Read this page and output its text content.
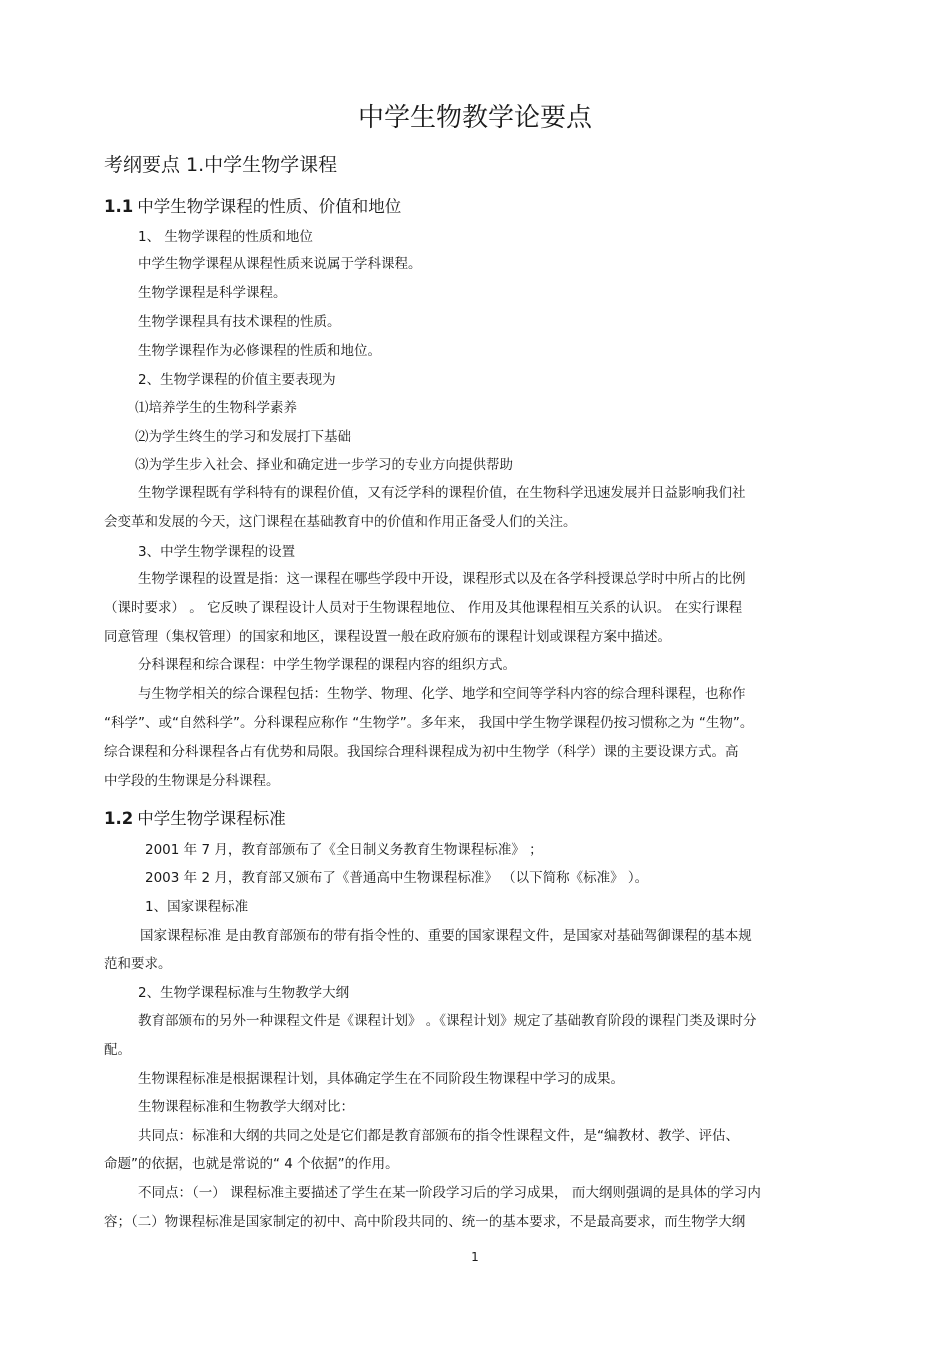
中学生物教学论要点
考纲要点 1.中学生物学课程
1.1 中学生物学课程的性质、价值和地位

1、 生物学课程的性质和地位

中学生物学课程从课程性质来说属于学科课程。

生物学课程是科学课程。

生物学课程具有技术课程的性质。

生物学课程作为必修课程的性质和地位。

2、生物学课程的价值主要表现为

⑴培养学生的生物科学素养

⑵为学生终生的学习和发展打下基础

⑶为学生步入社会、择业和确定进一步学习的专业方向提供帮助

生物学课程既有学科特有的课程价值，又有泛学科的课程价值，在生物科学迅速发展并日益影响我们社

会变革和发展的今天，这门课程在基础教育中的价值和作用正备受人们的关注。

3、中学生物学课程的设置

生物学课程的设置是指：这一课程在哪些学段中开设，课程形式以及在各学科授课总学时中所占的比例

（课时要求） 。 它反映了课程设计人员对于生物课程地位、 作用及其他课程相互关系的认识。 在实行课程

同意管理（集权管理）的国家和地区，课程设置一般在政府颁布的课程计划或课程方案中描述。

分科课程和综合课程：中学生物学课程的课程内容的组织方式。

与生物学相关的综合课程包括：生物学、物理、化学、地学和空间等学科内容的综合理科课程，也称作

“科学”、或“自然科学”。分科课程应称作 “生物学”。多年来， 我国中学生物学课程仍按习惯称之为 “生物”。

综合课程和分科课程各占有优势和局限。我国综合理科课程成为初中生物学（科学）课的主要设课方式。高

中学段的生物课是分科课程。

1.2 中学生物学课程标准

2001 年 7 月，教育部颁布了《全日制义务教育生物课程标准》 ；

2003 年 2 月，教育部又颁布了《普通高中生物课程标准》 （以下简称《标准》 ）。

1、国家课程标准

国家课程标准 是由教育部颁布的带有指令性的、重要的国家课程文件，是国家对基础驾御课程的基本规

范和要求。

2、生物学课程标准与生物教学大纲

教育部颁布的另外一种课程文件是《课程计划》 。《课程计划》规定了基础教育阶段的课程门类及课时分

配。

生物课程标准是根据课程计划，具体确定学生在不同阶段生物课程中学习的成果。

生物课程标准和生物教学大纲对比：

共同点：标准和大纲的共同之处是它们都是教育部颁布的指令性课程文件，是“编教材、教学、评估、

命题”的依据，也就是常说的“ 4 个依据”的作用。

不同点：（一） 课程标准主要描述了学生在某一阶段学习后的学习成果， 而大纲则强调的是具体的学习内

容；（二）物课程标准是国家制定的初中、高中阶段共同的、统一的基本要求，不是最高要求，而生物学大纲

1
